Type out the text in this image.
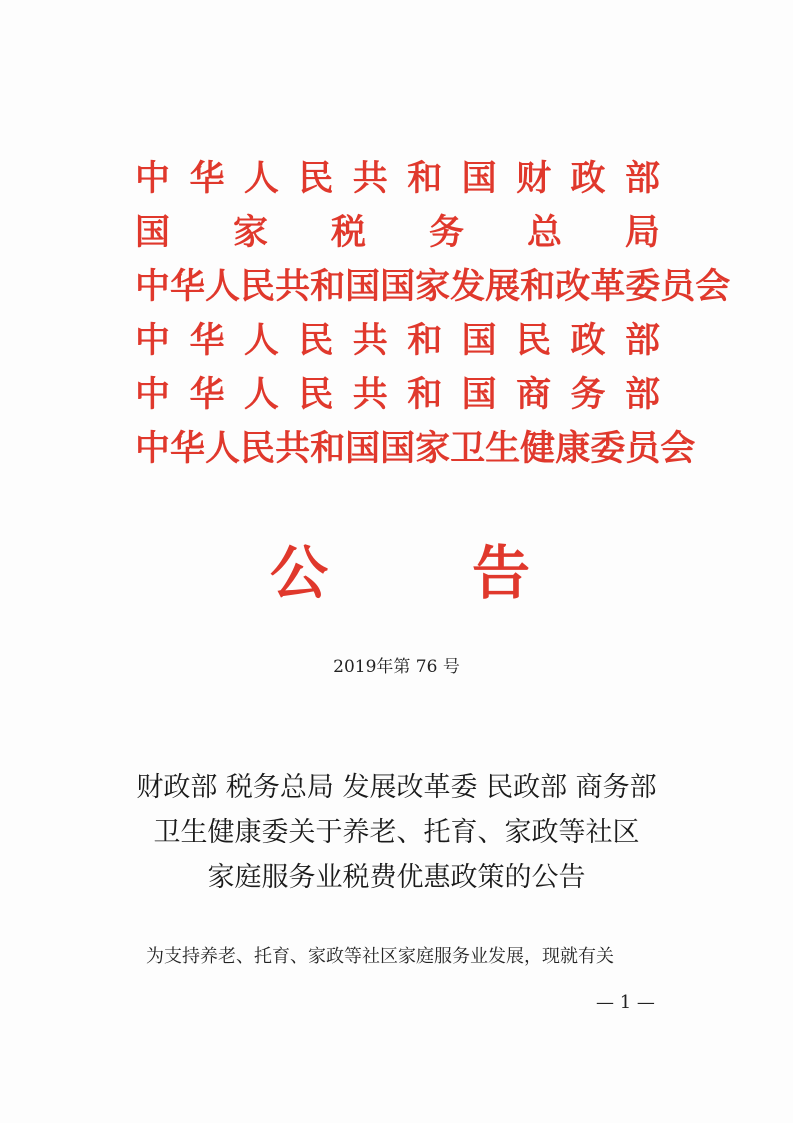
中 华 人 民 共 和 国 财 政 部
国 家 税 务 总 局
中 华 人 民 共 和 国 国 家 发 展 和 改 革 委 员 会
中 华 人 民 共 和 国 民 政 部
中 华 人 民 共 和 国 商 务 部
中 华 人 民 共 和 国 国 家 卫 生 健 康 委 员 会
公 告
2019年第 76 号
财政部 税务总局 发展改革委 民政部 商务部
卫生健康委关于养老、托育、家政等社区
家庭服务业税费优惠政策的公告
为支持养老、托育、家政等社区家庭服务业发展，现就有关
— 1 —
